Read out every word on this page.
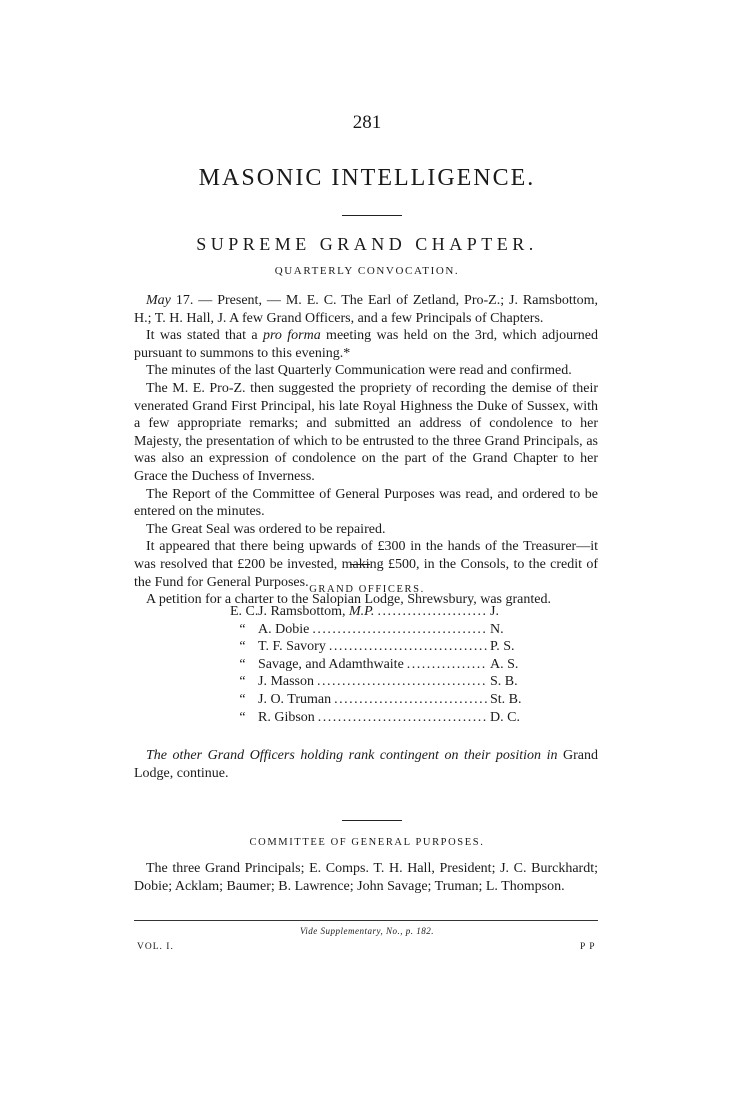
281
MASONIC INTELLIGENCE.
SUPREME GRAND CHAPTER.
QUARTERLY CONVOCATION.

May 17. — Present, — M. E. C. The Earl of Zetland, Pro-Z.; J. Ramsbottom, H.; T. H. Hall, J. A few Grand Officers, and a few Principals of Chapters.

It was stated that a pro forma meeting was held on the 3rd, which adjourned pursuant to summons to this evening.*

The minutes of the last Quarterly Communication were read and confirmed.

The M. E. Pro-Z. then suggested the propriety of recording the demise of their venerated Grand First Principal, his late Royal Highness the Duke of Sussex, with a few appropriate remarks; and submitted an address of condolence to her Majesty, the presentation of which to be entrusted to the three Grand Principals, as was also an expression of condolence on the part of the Grand Chapter to her Grace the Duchess of Inverness.

The Report of the Committee of General Purposes was read, and ordered to be entered on the minutes.

The Great Seal was ordered to be repaired.

It appeared that there being upwards of £300 in the hands of the Treasurer—it was resolved that £200 be invested, making £500, in the Consols, to the credit of the Fund for General Purposes.

A petition for a charter to the Salopian Lodge, Shrewsbury, was granted.

GRAND OFFICERS.
E. C. J. Ramsbottom, M.P. . . .	J.
“ A. Dobie . . .	N.
“ T. F. Savory . . .	P. S.
“ Savage, and Adamthwaite . . .	A. S.
“ J. Masson . . .	S. B.
“ J. O. Truman . . .	St. B.
“ R. Gibson . . .	D. C.
The other Grand Officers holding rank contingent on their position in Grand Lodge, continue.
COMMITTEE OF GENERAL PURPOSES.
The three Grand Principals; E. Comps. T. H. Hall, President; J. C. Burckhardt; Dobie; Acklam; Baumer; B. Lawrence; John Savage; Truman; L. Thompson.
Vide Supplementary, No., p. 182.
VOL. I.	P P
